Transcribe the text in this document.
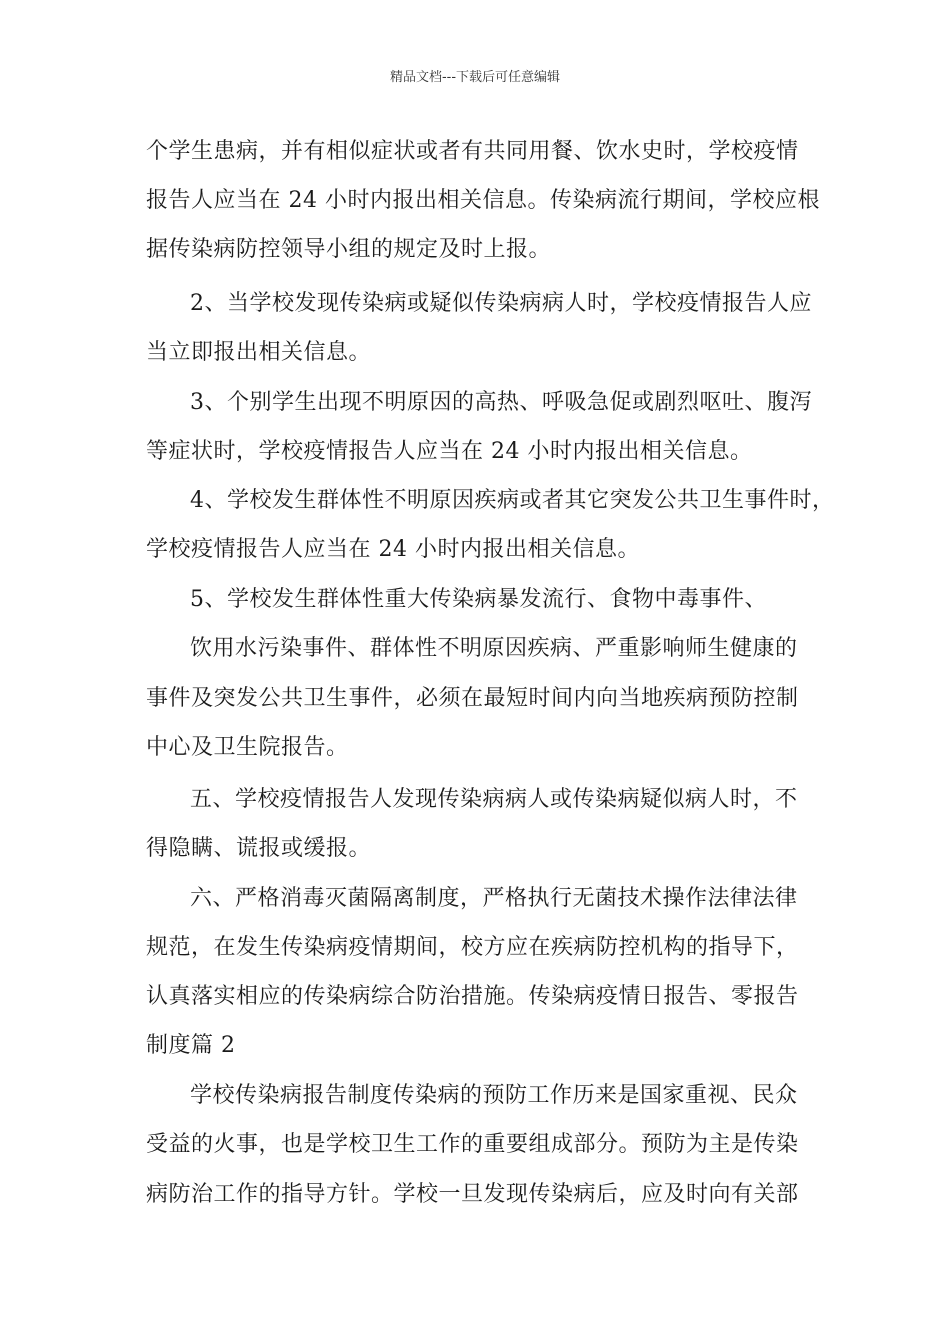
精品文档---下载后可任意编辑
个学生患病，并有相似症状或者有共同用餐、饮水史时，学校疫情
报告人应当在 24 小时内报出相关信息。传染病流行期间，学校应根
据传染病防控领导小组的规定及时上报。
2、当学校发现传染病或疑似传染病病人时，学校疫情报告人应
当立即报出相关信息。
3、个别学生出现不明原因的高热、呼吸急促或剧烈呕吐、腹泻
等症状时，学校疫情报告人应当在 24 小时内报出相关信息。
4、学校发生群体性不明原因疾病或者其它突发公共卫生事件时，
学校疫情报告人应当在 24 小时内报出相关信息。
5、学校发生群体性重大传染病暴发流行、食物中毒事件、
饮用水污染事件、群体性不明原因疾病、严重影响师生健康的
事件及突发公共卫生事件，必须在最短时间内向当地疾病预防控制
中心及卫生院报告。
五、学校疫情报告人发现传染病病人或传染病疑似病人时，不
得隐瞒、谎报或缓报。
六、严格消毒灭菌隔离制度，严格执行无菌技术操作法律法律
规范，在发生传染病疫情期间，校方应在疾病防控机构的指导下，
认真落实相应的传染病综合防治措施。传染病疫情日报告、零报告
制度篇 2
学校传染病报告制度传染病的预防工作历来是国家重视、民众
受益的火事，也是学校卫生工作的重要组成部分。预防为主是传染
病防治工作的指导方针。学校一旦发现传染病后，应及时向有关部
